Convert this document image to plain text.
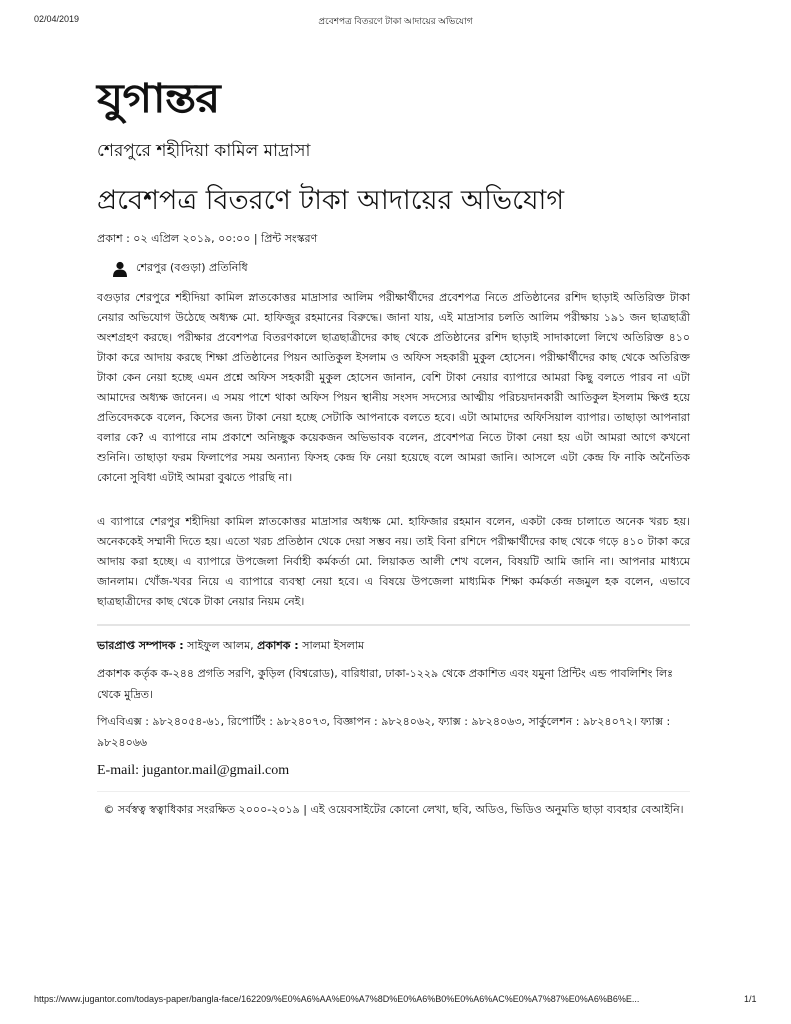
02/04/2019	প্রবেশপত্র বিতরণে টাকা আদায়ের অভিযোগ
যুগান্তর
শেরপুরে শহীদিয়া কামিল মাদ্রাসা
প্রবেশপত্র বিতরণে টাকা আদায়ের অভিযোগ
প্রকাশ : ০২ এপ্রিল ২০১৯, ০০:০০ | প্রিন্ট সংস্করণ
শেরপুর (বগুড়া) প্রতিনিধি

বগুড়ার শেরপুরে শহীদিয়া কামিল স্নাতকোত্তর মাদ্রাসার আলিম পরীক্ষার্থীদের প্রবেশপত্র নিতে প্রতিষ্ঠানের রশিদ ছাড়াই অতিরিক্ত টাকা নেয়ার অভিযোগ উঠেছে অধ্যক্ষ মো. হাফিজুর রহমানের বিরুদ্ধে। জানা যায়, এই মাদ্রাসার চলতি আলিম পরীক্ষায় ১৯১ জন ছাত্রছাত্রী অংশগ্রহণ করছে। পরীক্ষার প্রবেশপত্র বিতরণকালে ছাত্রছাত্রীদের কাছ থেকে প্রতিষ্ঠানের রশিদ ছাড়াই সাদাকালো লিখে অতিরিক্ত ৪১০ টাকা করে আদায় করছে শিক্ষা প্রতিষ্ঠানের পিয়ন আতিকুল ইসলাম ও অফিস সহকারী মুকুল হোসেন। পরীক্ষার্থীদের কাছ থেকে অতিরিক্ত টাকা কেন নেয়া হচ্ছে এমন প্রশ্নে অফিস সহকারী মুকুল হোসেন জানান, বেশি টাকা নেয়ার ব্যাপারে আমরা কিছু বলতে পারব না এটা আমাদের অধ্যক্ষ জানেন। এ সময় পাশে থাকা অফিস পিয়ন স্থানীয় সংসদ সদস্যের আত্মীয় পরিচয়দানকারী আতিকুল ইসলাম ক্ষিপ্ত হয়ে প্রতিবেদককে বলেন, কিসের জন্য টাকা নেয়া হচ্ছে সেটাকি আপনাকে বলতে হবে। এটা আমাদের অফিসিয়াল ব্যাপার। তাছাড়া আপনারা বলার কে? এ ব্যাপারে নাম প্রকাশে অনিচ্ছুক কয়েকজন অভিভাবক বলেন, প্রবেশপত্র নিতে টাকা নেয়া হয় এটা আমরা আগে কখনো শুনিনি। তাছাড়া ফরম ফিলাপের সময় অন্যান্য ফিসহ কেন্দ্র ফি নেয়া হয়েছে বলে আমরা জানি। আসলে এটা কেন্দ্র ফি নাকি অনৈতিক কোনো সুবিধা এটাই আমরা বুঝতে পারছি না।

এ ব্যাপারে শেরপুর শহীদিয়া কামিল স্নাতকোত্তর মাদ্রাসার অধ্যক্ষ মো. হাফিজার রহমান বলেন, একটা কেন্দ্র চালাতে অনেক খরচ হয়। অনেককেই সম্মানী দিতে হয়। এতো খরচ প্রতিষ্ঠান থেকে দেয়া সম্ভব নয়। তাই বিনা রশিদে পরীক্ষার্থীদের কাছ থেকে গড়ে ৪১০ টাকা করে আদায় করা হচ্ছে। এ ব্যাপারে উপজেলা নির্বাহী কর্মকর্তা মো. লিয়াকত আলী শেখ বলেন, বিষয়টি আমি জানি না। আপনার মাধ্যমে জানলাম। খোঁজ-খবর নিয়ে এ ব্যাপারে ব্যবস্থা নেয়া হবে। এ বিষয়ে উপজেলা মাধ্যমিক শিক্ষা কর্মকর্তা নজমুল হক বলেন, এভাবে ছাত্রছাত্রীদের কাছ থেকে টাকা নেয়ার নিয়ম নেই।

ভারপ্রাপ্ত সম্পাদক : সাইফুল আলম, প্রকাশক : সালমা ইসলাম
প্রকাশক কর্তৃক ক-২৪৪ প্রগতি সরণি, কুড়িল (বিশ্বরোড), বারিধারা, ঢাকা-১২২৯ থেকে প্রকাশিত এবং যমুনা প্রিন্টিং এন্ড পাবলিশিং লিঃ থেকে মুদ্রিত।
পিএবিএক্স : ৯৮২৪০৫৪-৬১, রিপোর্টিং : ৯৮২৪০৭৩, বিজ্ঞাপন : ৯৮২৪০৬২, ফ্যাক্স : ৯৮২৪০৬৩, সার্কুলেশন : ৯৮২৪০৭২। ফ্যাক্স : ৯৮২৪০৬৬
E-mail: jugantor.mail@gmail.com
© সর্বস্বত্ব স্বত্বাধিকার সংরক্ষিত ২০০০-২০১৯ | এই ওয়েবসাইটের কোনো লেখা, ছবি, অডিও, ভিডিও অনুমতি ছাড়া ব্যবহার বেআইনি।
https://www.jugantor.com/todays-paper/bangla-face/162209/%E0%A6%AA%E0%A7%8D%E0%A6%B0%E0%A6%AC%E0%A7%87%E0%A6%B6%E...	1/1
